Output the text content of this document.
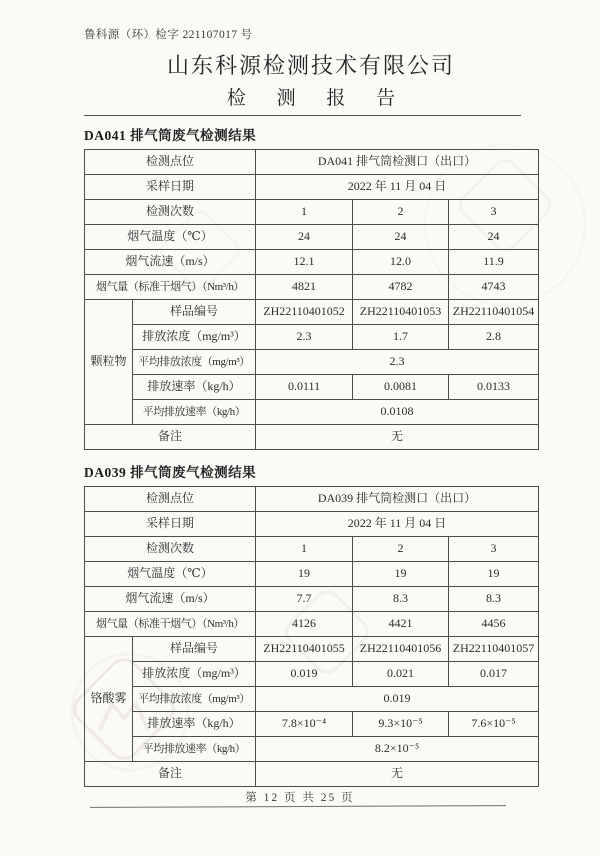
鲁科源（环）检字 221107017 号
山东科源检测技术有限公司
检 测 报 告
DA041 排气筒废气检测结果
检测点位		DA041 排气筒检测口（出口）		
采样日期		2022 年 11 月 04 日		
检测次数		1	2	3
烟气温度（℃）		24	24	24
烟气流速（m/s）		12.1	12.0	11.9
烟气量（标准干烟气）（Nm³/h）		4821	4782	4743
颗粒物	样品编号	ZH22110401052	ZH22110401053	ZH22110401054
	排放浓度（mg/m³）	2.3	1.7	2.8
	平均排放浓度（mg/m³）	2.3		
	排放速率（kg/h）	0.0111	0.0081	0.0133
	平均排放速率（kg/h）	0.0108		
备注		无		
DA039 排气筒废气检测结果
检测点位		DA039 排气筒检测口（出口）		
采样日期		2022 年 11 月 04 日		
检测次数		1	2	3
烟气温度（℃）		19	19	19
烟气流速（m/s）		7.7	8.3	8.3
烟气量（标准干烟气）（Nm³/h）		4126	4421	4456
铬酸雾	样品编号	ZH22110401055	ZH22110401056	ZH22110401057
	排放浓度（mg/m³）	0.019	0.021	0.017
	平均排放浓度（mg/m³）	0.019		
	排放速率（kg/h）	7.8×10⁻⁴	9.3×10⁻⁵	7.6×10⁻⁵
	平均排放速率（kg/h）	8.2×10⁻⁵		
备注		无		
第 12 页 共 25 页
